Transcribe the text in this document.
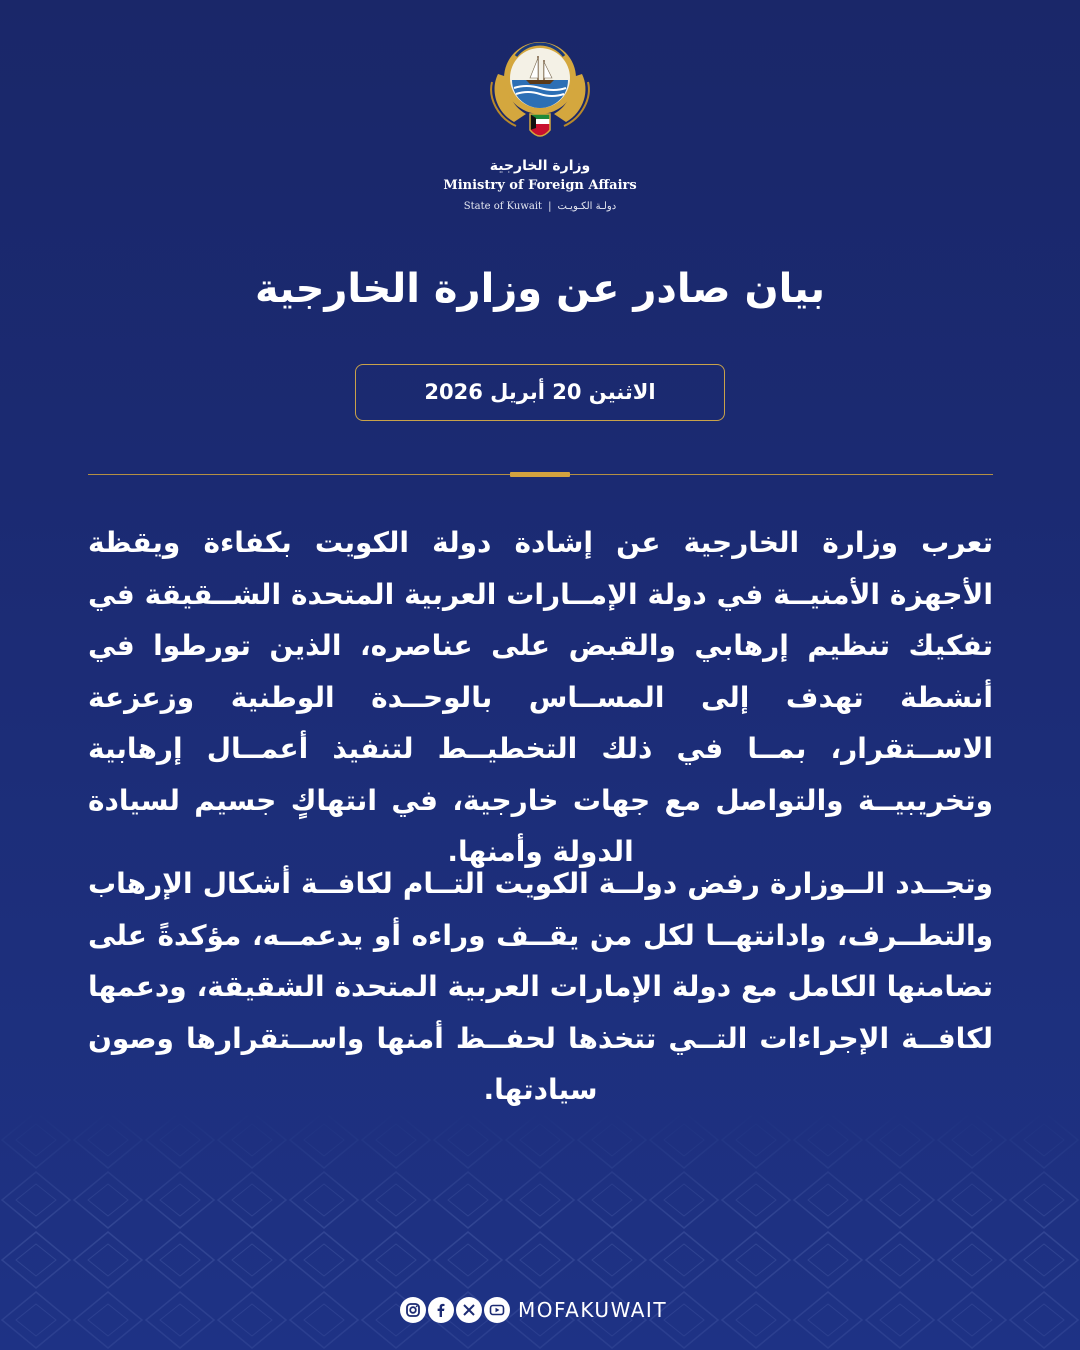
وزارة الخارجية
Ministry of Foreign Affairs
State of Kuwait | دولـة الكـويـت
بيان صادر عن وزارة الخارجية
الاثنين 20 أبريل 2026

تعرب وزارة الخارجية عن إشادة دولة الكويت بكفاءة ويقظة الأجهزة الأمنيــة في دولة الإمــارات العربية المتحدة الشــقيقة في تفكيك تنظيم إرهابي والقبض على عناصره، الذين تورطوا في أنشطة تهدف إلى المســاس بالوحــدة الوطنية وزعزعة الاســتقرار، بمــا في ذلك التخطيــط لتنفيذ أعمــال إرهابية وتخريبيــة والتواصل مع جهات خارجية، في انتهاكٍ جسيم لسيادة الدولة وأمنها.

وتجــدد الــوزارة رفض دولــة الكويت التــام لكافــة أشكال الإرهاب والتطــرف، وادانتهــا لكل من يقــف وراءه أو يدعمــه، مؤكدةً على تضامنها الكامل مع دولة الإمارات العربية المتحدة الشقيقة، ودعمها لكافــة الإجراءات التــي تتخذها لحفــظ أمنها واســتقرارها وصون سيادتها.

MOFAKUWAIT
